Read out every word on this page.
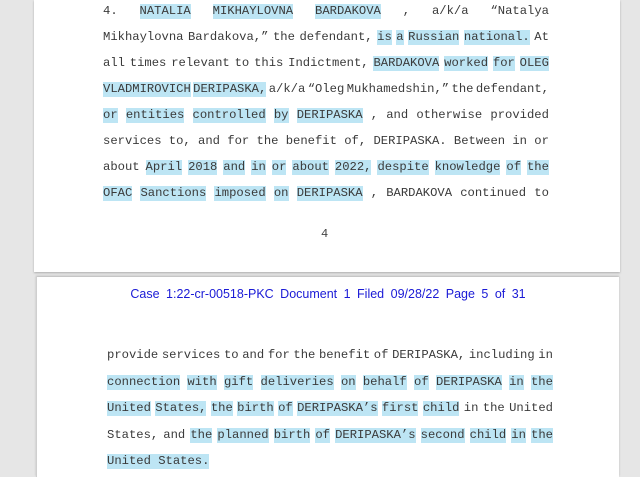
4. NATALIA MIKHAYLOVNA BARDAKOVA , a/k/a “Natalya
Mikhaylovna Bardakova,” the defendant, is a Russian national. At
all times relevant to this Indictment, BARDAKOVA worked for OLEG
VLADMIROVICH DERIPASKA, a/k/a “Oleg Mukhamedshin,” the defendant,
or entities controlled by DERIPASKA , and otherwise provided
services to, and for the benefit of, DERIPASKA. Between in or
about April 2018 and in or about 2022, despite knowledge of the
OFAC Sanctions imposed on DERIPASKA , BARDAKOVA continued to
4
Case 1:22-cr-00518-PKC Document 1 Filed 09/28/22 Page 5 of 31
provide services to and for the benefit of DERIPASKA, including in
connection with gift deliveries on behalf of DERIPASKA in the
United States, the birth of DERIPASKA’s first child in the United
States, and the planned birth of DERIPASKA’s second child in the
United
States.
